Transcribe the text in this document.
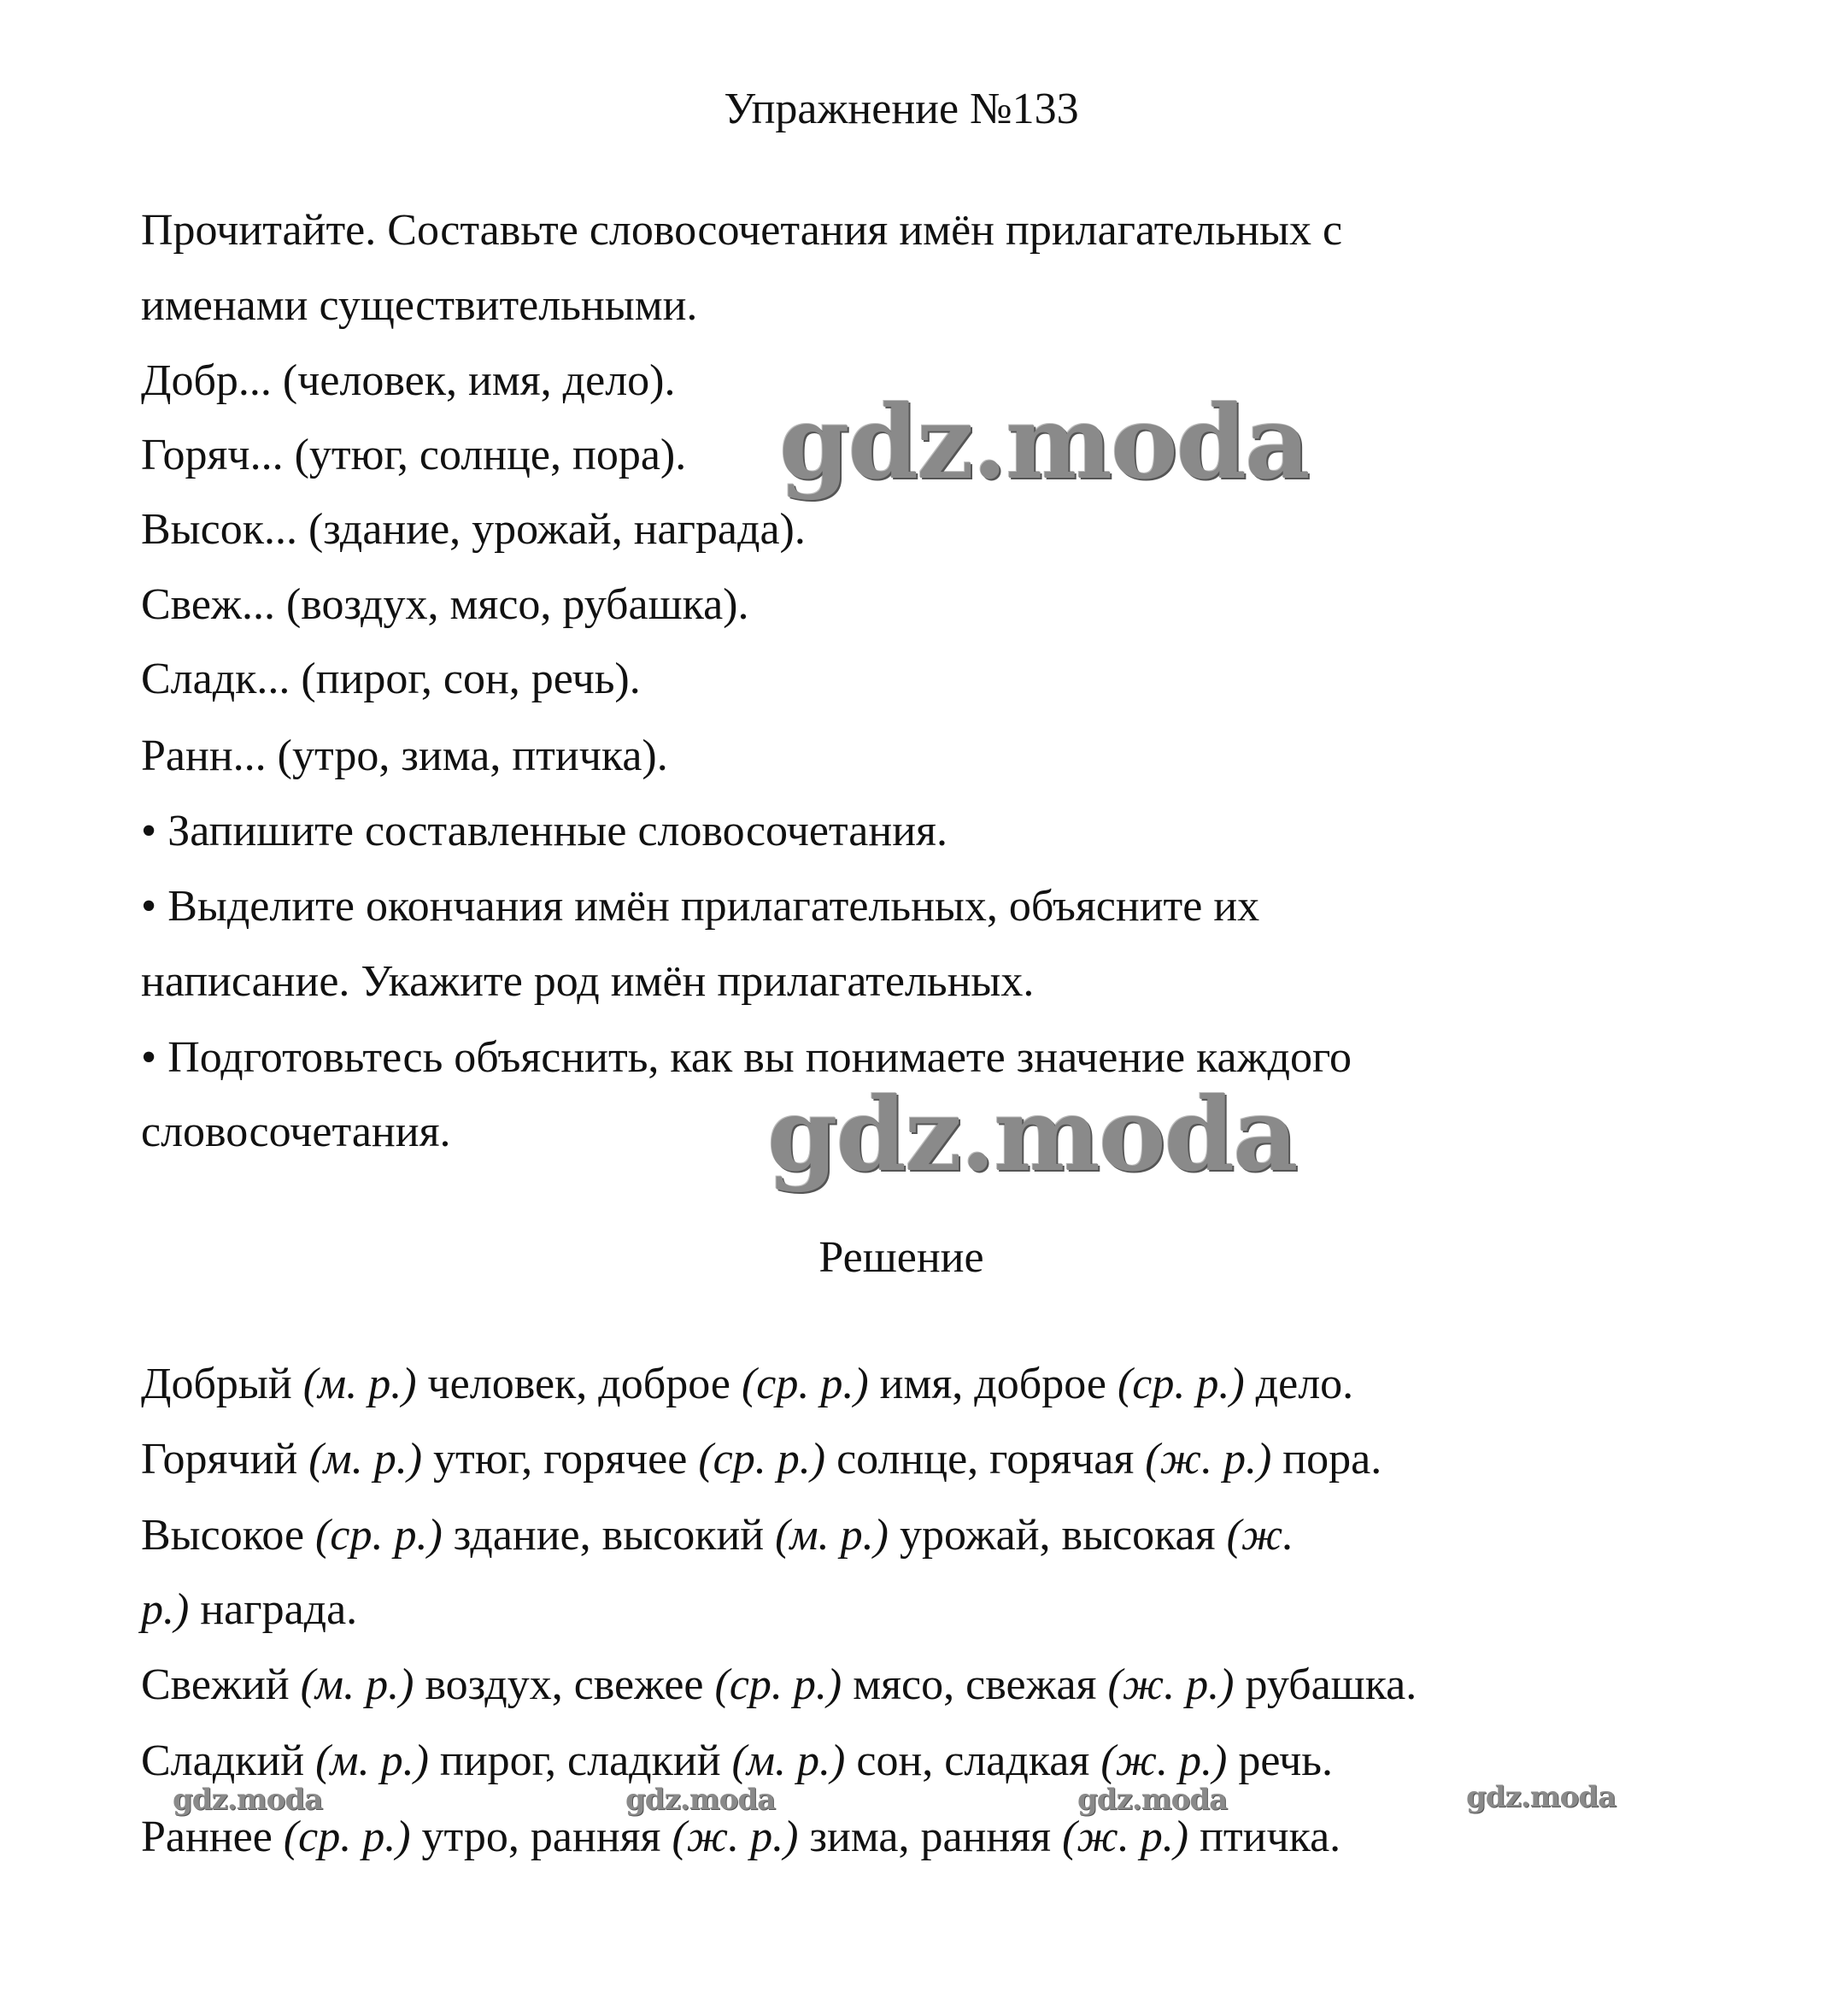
Упражнение №133
Прочитайте. Составьте словосочетания имён прилагательных с
именами существительными.
Добр... (человек, имя, дело).
Горяч... (утюг, солнце, пора).
Высок... (здание, урожай, награда).
Свеж... (воздух, мясо, рубашка).
Сладк... (пирог, сон, речь).
Ранн... (утро, зима, птичка).
• Запишите составленные словосочетания.
• Выделите окончания имён прилагательных, объясните их
написание. Укажите род имён прилагательных.
• Подготовьтесь объяснить, как вы понимаете значение каждого
словосочетания.
Решение
Добрый (м. р.) человек, доброе (ср. р.) имя, доброе (ср. р.) дело.
Горячий (м. р.) утюг, горячее (ср. р.) солнце, горячая (ж. р.) пора.
Высокое (ср. р.) здание, высокий (м. р.) урожай, высокая (ж.
р.) награда.
Свежий (м. р.) воздух, свежее (ср. р.) мясо, свежая (ж. р.) рубашка.
Сладкий (м. р.) пирог, сладкий (м. р.) сон, сладкая (ж. р.) речь.
Раннее (ср. р.) утро, ранняя (ж. р.) зима, ранняя (ж. р.) птичка.
gdz.moda
gdz.moda
gdz.moda	gdz.moda	gdz.moda	gdz.moda
